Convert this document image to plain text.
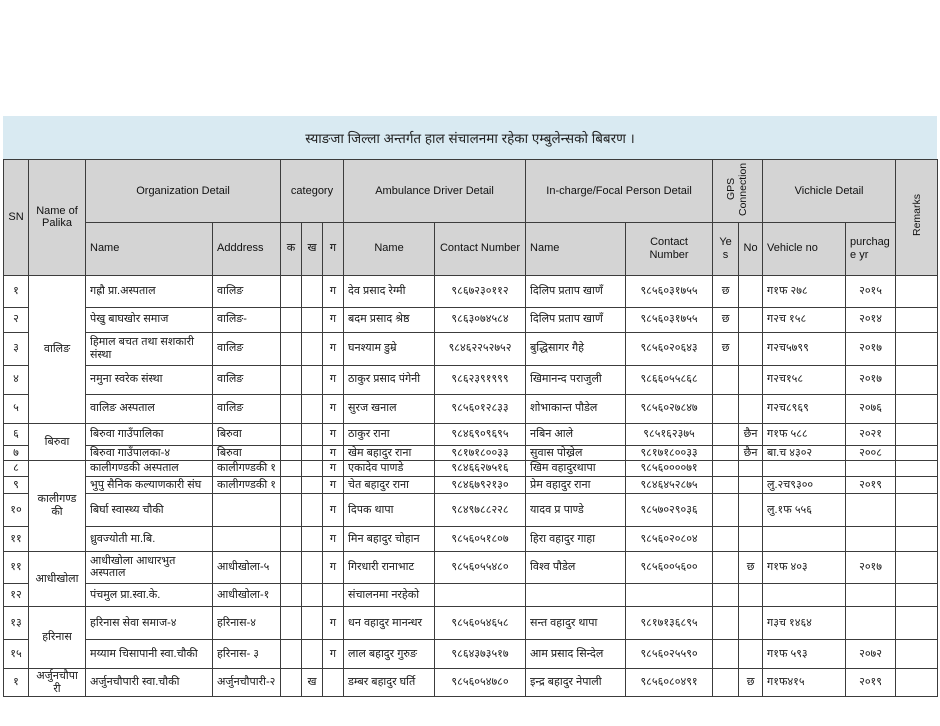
स्याङजा जिल्ला अन्तर्गत हाल संचालनमा रहेका एम्बुलेन्सको बिबरण ।
SN	Name of Palika	Organization Detail		category			Ambulance Driver Detail		In-charge/Focal Person Detail		GPS Connection		Vichicle Detail		Remarks
		Name	Adddress	क	ख	ग	Name	Contact Number	Name	Contact Number	Yes	No	Vehicle no	purchage yr	
१	वालिङ	गह्रौ प्रा.अस्पताल	वालिङ			ग	देव प्रसाद रेग्मी	९८६७२३०११२	दिलिप प्रताप खाणँ	९८५६०३१७५५	छ		ग१फ २७८	२०१५	
२		पेखु बाघखोर समाज	वालिङ-			ग	बदम प्रसाद श्रेष्ठ	९८६३०७४५८४	दिलिप प्रताप खाणँ	९८५६०३१७५५	छ		ग२च १५८	२०१४	
३		हिमाल बचत तथा सशकारी संस्था	वालिङ			ग	घनश्याम डुम्रे	९८४६२२५२७५२	बुद्धिसागर गैहे	९८५६०२०६४३	छ		ग२च५७९९	२०१७	
४		नमुना स्वरेक संस्था	वालिङ			ग	ठाकुर प्रसाद पंगेनी	९८६२३९१९९९	खिमानन्द पराजुली	९८६६०५५८६८			ग२च१५८	२०१७	
५		वालिङ अस्पताल	वालिङ			ग	सुरज खनाल	९८५६०१२८३३	शोभाकान्त पौडेल	९८५६०२७८४७			ग२च८९६९	२०७६	
६	बिरुवा	बिरुवा गाउँपालिका	बिरुवा			ग	ठाकुर राना	९८४६९०९६९५	नबिन आले	९८५१६२३७५		छैन	ग१फ ५८८	२०२१	
७		बिरुवा गाउँपालका-४	बिरुवा			ग	खेम बहादुर राना	९८१७१८००३३	सुवास पोख्रेल	९८१७१८००३३		छैन	बा.च ४३०२	२००८	
८	कालीगण्डकी	कालीगण्डकी अस्पताल	कालीगण्डकी १			ग	एकादेव पाणडे	९८४६६२७५१६	खिम वहादुरथापा	९८५६००००७१					
९		भुपु सैनिक कल्याणकारी संघ	कालीगण्डकी १			ग	चेत बहादुर राना	९८४६७९२१३०	प्रेम वहादुर राना	९८४६४५२८७५			लु.२च९३००	२०१९	
१०		बिर्घा स्वास्थ्य चौकी				ग	दिपक थापा	९८४९७८८२२८	यादव प्र पाण्डे	९८५७०२९०३६			लु.१फ ५५६		
११		ध्रुवज्योती मा.बि.				ग	मिन बहादुर चोहान	९८५६०५१८०७	हिरा वहादुर गाहा	९८५६०२०८०४					
११	आधीखोला	आधीखोला आधारभुत अस्पताल	आधीखोला-५			ग	गिरधारी रानाभाट	९८५६०५५४८०	विश्व पौडेल	९८५६००५६००		छ	ग१फ ४०३	२०१७	
१२		पंचमुल प्रा.स्वा.के.	आधीखोला-१				संचालनमा नरहेको								
१३	हरिनास	हरिनास सेवा समाज-४	हरिनास-४			ग	धन वहादुर मानन्धर	९८५६०५४६५८	सन्त वहादुर थापा	९८१७१३६८९५			ग३च १४६४		
१५		मय्याम चिसापानी स्वा.चौकी	हरिनास- ३			ग	लाल बहादुर गुरुङ	९८६४३७३५१७	आम प्रसाद सिन्देल	९८५६०२५५९०			ग१फ ५९३	२०७२	
१	अर्जुनचौपारी	अर्जुनचौपारी स्वा.चौकी	अर्जुनचौपारी-२		ख		डम्बर बहादुर घर्ति	९८५६०५४७८०	इन्द्र बहादुर नेपाली	९८५६०८०४९१		छ	ग१फ४१५	२०१९	
